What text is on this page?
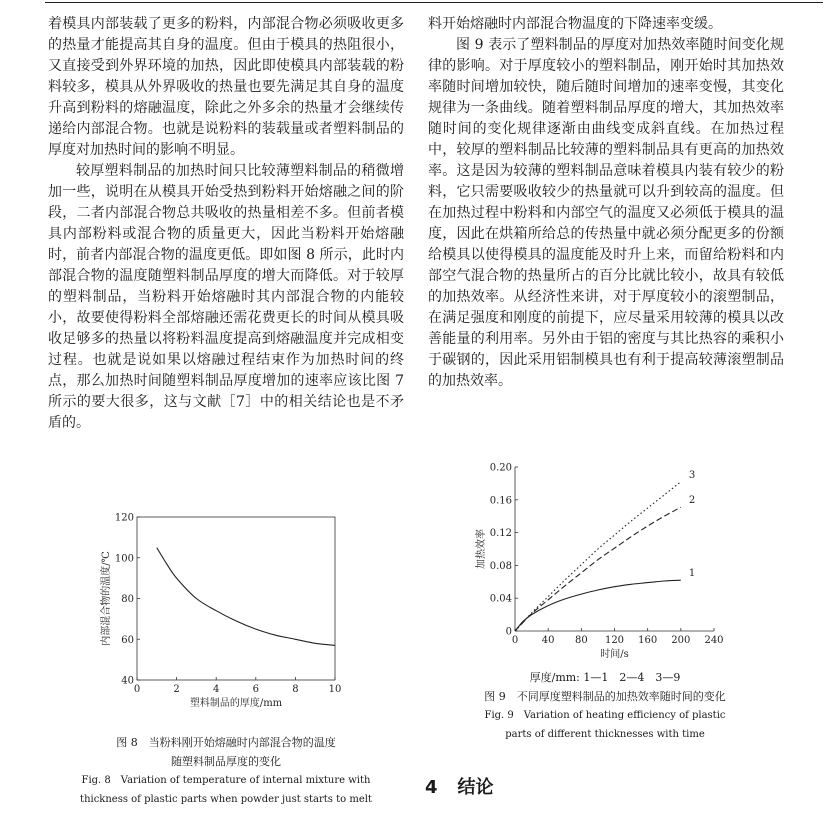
着模具内部装载了更多的粉料，内部混合物必须吸收更多的热量才能提高其自身的温度。但由于模具的热阻很小，又直接受到外界环境的加热，因此即使模具内部装载的粉料较多，模具从外界吸收的热量也要先满足其自身的温度升高到粉料的熔融温度，除此之外多余的热量才会继续传递给内部混合物。也就是说粉料的装载量或者塑料制品的厚度对加热时间的影响不明显。

较厚塑料制品的加热时间只比较薄塑料制品的稍微增加一些，说明在从模具开始受热到粉料开始熔融之间的阶段，二者内部混合物总共吸收的热量相差不多。但前者模具内部粉料或混合物的质量更大，因此当粉料开始熔融时，前者内部混合物的温度更低。即如图 8 所示，此时内部混合物的温度随塑料制品厚度的增大而降低。对于较厚的塑料制品，当粉料开始熔融时其内部混合物的内能较小，故要使得粉料全部熔融还需花费更长的时间从模具吸收足够多的热量以将粉料温度提高到熔融温度并完成相变过程。也就是说如果以熔融过程结束作为加热时间的终点，那么加热时间随塑料制品厚度增加的速率应该比图 7 所示的要大很多，这与文献［7］中的相关结论也是不矛盾的。

料开始熔融时内部混合物温度的下降速率变缓。

图 9 表示了塑料制品的厚度对加热效率随时间变化规律的影响。对于厚度较小的塑料制品，刚开始时其加热效率随时间增加较快，随后随时间增加的速率变慢，其变化规律为一条曲线。随着塑料制品厚度的增大，其加热效率随时间的变化规律逐渐由曲线变成斜直线。在加热过程中，较厚的塑料制品比较薄的塑料制品具有更高的加热效率。这是因为较薄的塑料制品意味着模具内装有较少的粉料，它只需要吸收较少的热量就可以升到较高的温度。但在加热过程中粉料和内部空气的温度又必须低于模具的温度，因此在烘箱所给总的传热量中就必须分配更多的份额给模具以使得模具的温度能及时升上来，而留给粉料和内部空气混合物的热量所占的百分比就比较小，故具有较低的加热效率。从经济性来讲，对于厚度较小的滚塑制品，在满足强度和刚度的前提下，应尽量采用较薄的模具以改善能量的利用率。另外由于铝的密度与其比热容的乘积小于碳钢的，因此采用铝制模具也有利于提高较薄滚塑制品的加热效率。

0	2	4	6	8	10
40
60
80
100
120
塑料制品的厚度/mm
内部混合物的温度/℃
图 8　当粉料刚开始熔融时内部混合物的温度
随塑料制品厚度的变化
Fig. 8　Variation of temperature of internal mixture with
thickness of plastic parts when powder just starts to melt
0 40 80 120 160 200 240
0
0.04
0.08
0.12
0.16
0.20
时间/s
加热效率
1
2
3
厚度/mm: 1—1　2—4　3—9
图 9　不同厚度塑料制品的加热效率随时间的变化
Fig. 9　Variation of heating efficiency of plastic
parts of different thicknesses with time
4 结论
